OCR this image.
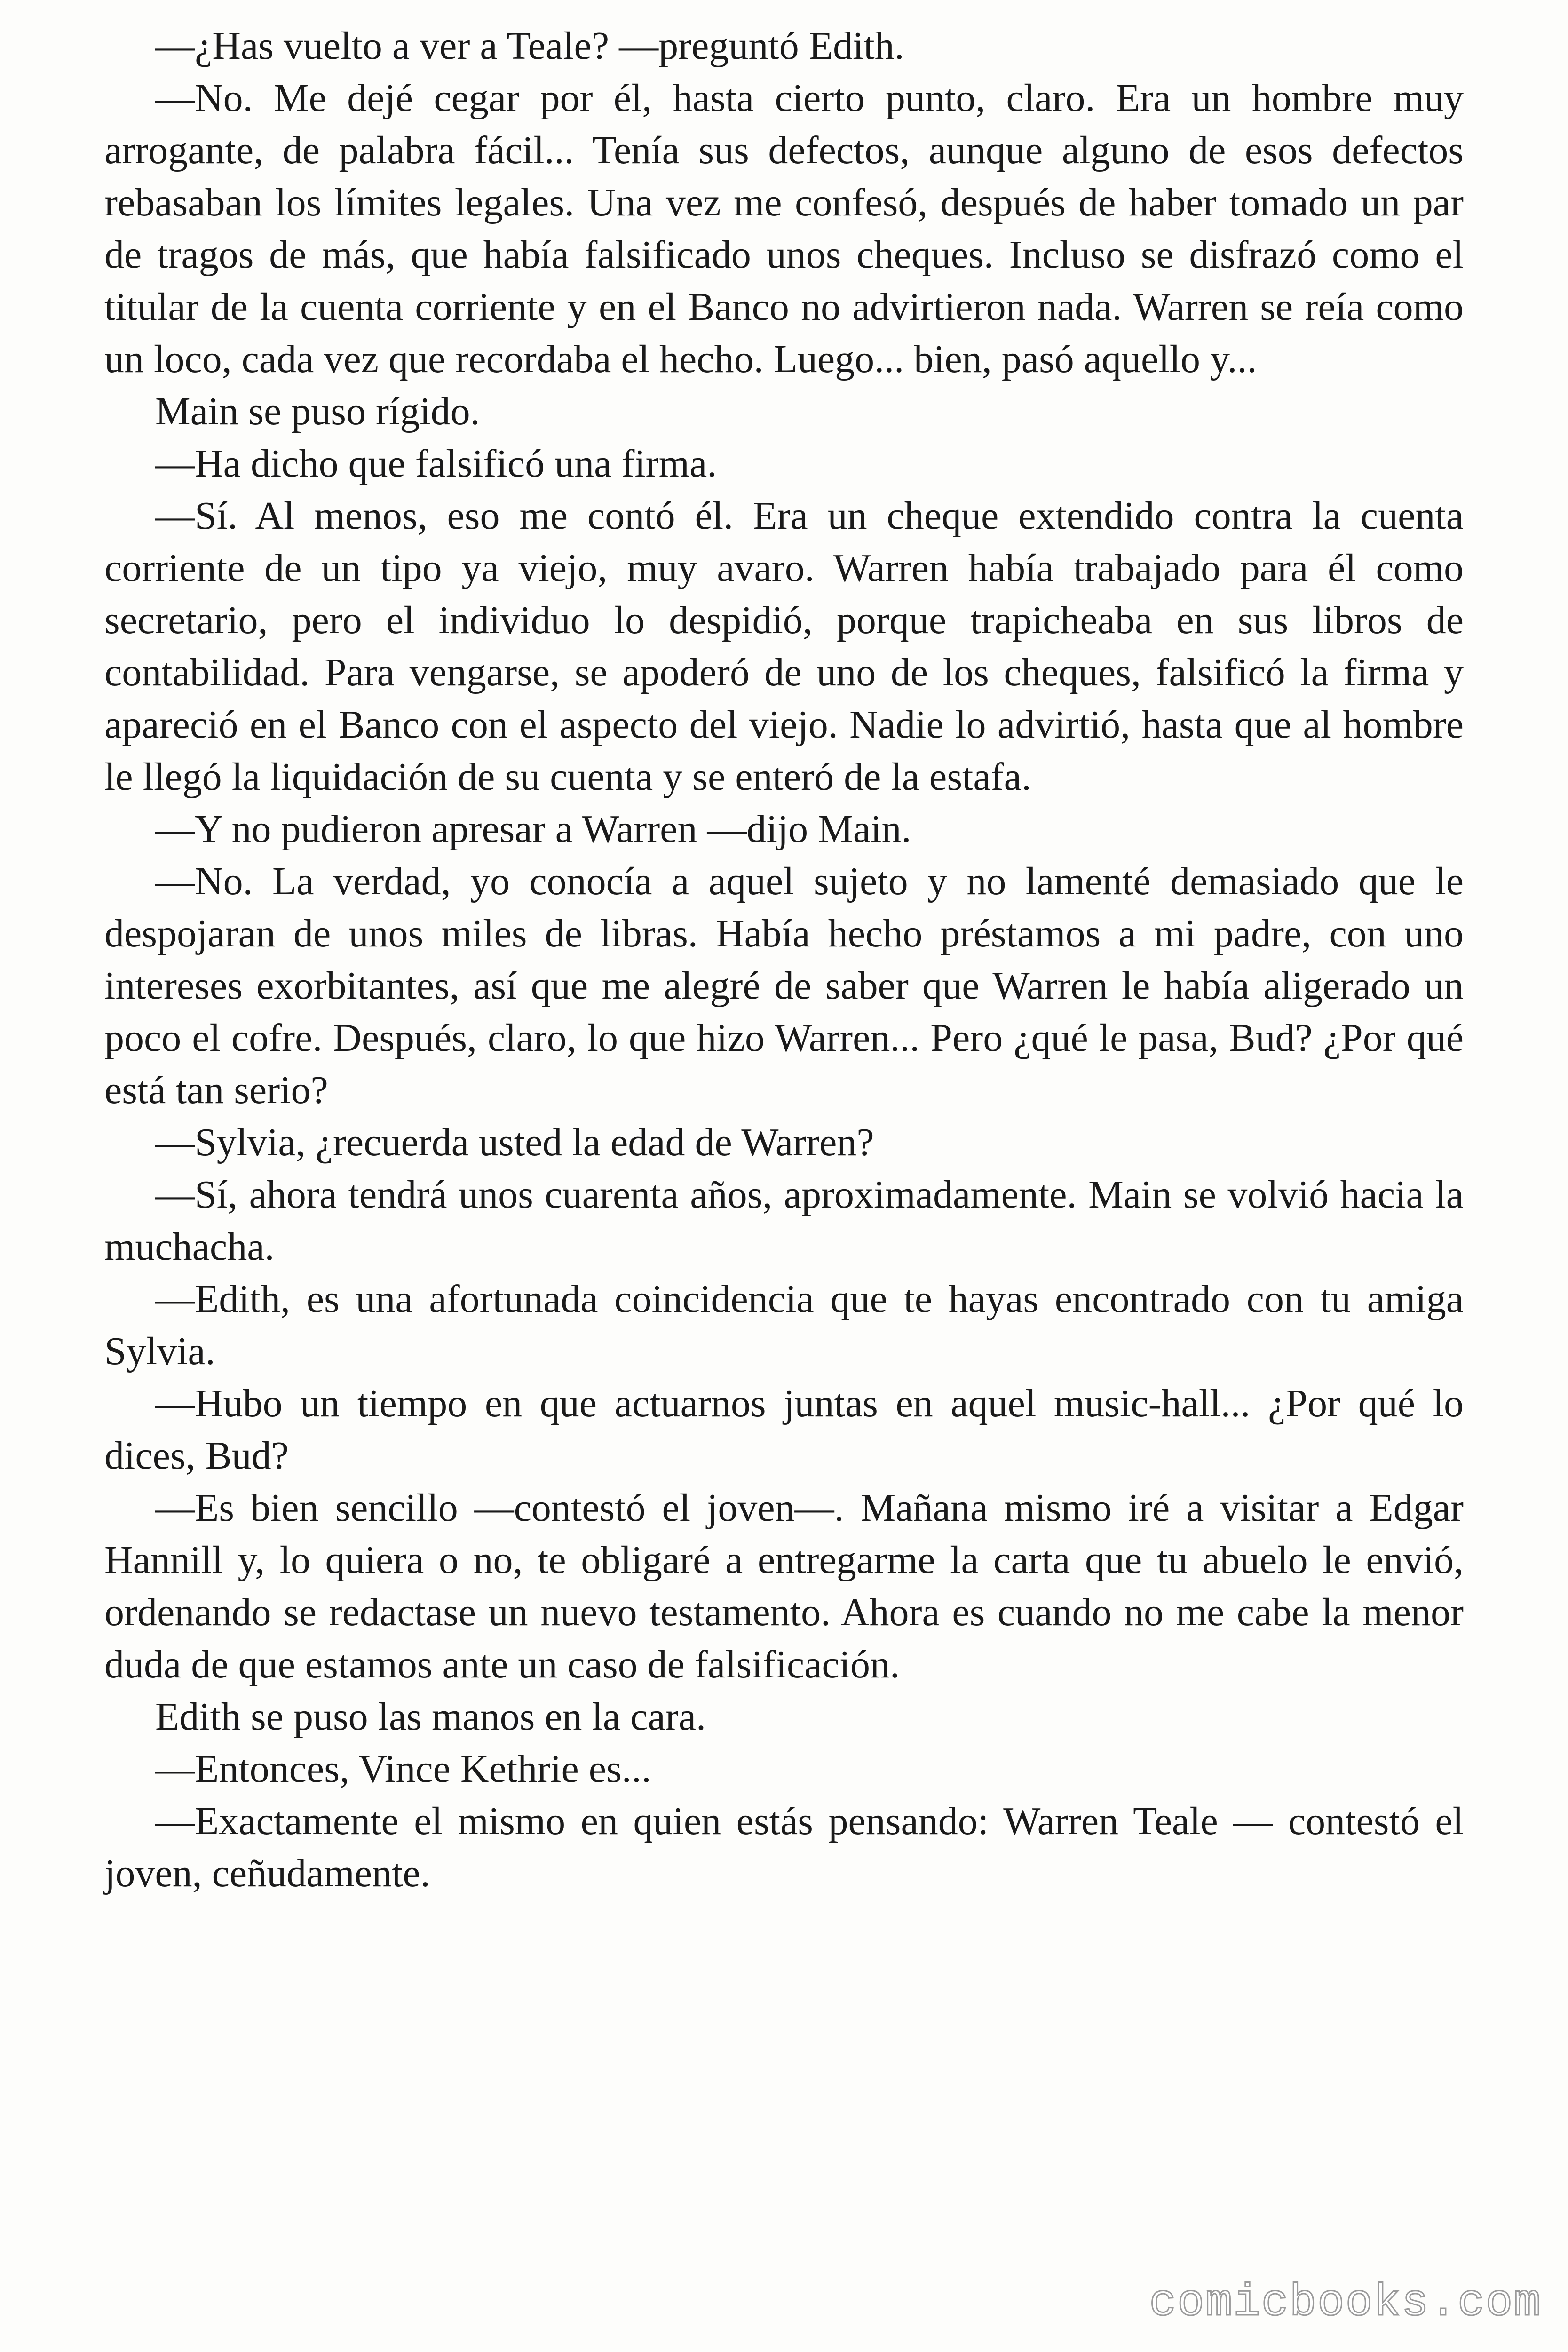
—¿Has vuelto a ver a Teale? —preguntó Edith.

—No. Me dejé cegar por él, hasta cierto punto, claro. Era un hombre muy arrogante, de palabra fácil... Tenía sus defectos, aunque alguno de esos defectos rebasaban los límites legales. Una vez me confesó, después de haber tomado un par de tragos de más, que había falsificado unos cheques. Incluso se disfrazó como el titular de la cuenta corriente y en el Banco no advirtieron nada. Warren se reía como un loco, cada vez que recordaba el hecho. Luego... bien, pasó aquello y...

Main se puso rígido.

—Ha dicho que falsificó una firma.

—Sí. Al menos, eso me contó él. Era un cheque extendido contra la cuenta corriente de un tipo ya viejo, muy avaro. Warren había trabajado para él como secretario, pero el individuo lo despidió, porque trapicheaba en sus libros de contabilidad. Para vengarse, se apoderó de uno de los cheques, falsificó la firma y apareció en el Banco con el aspecto del viejo. Nadie lo advirtió, hasta que al hombre le llegó la liquidación de su cuenta y se enteró de la estafa.

—Y no pudieron apresar a Warren —dijo Main.

—No. La verdad, yo conocía a aquel sujeto y no lamenté demasiado que le despojaran de unos miles de libras. Había hecho préstamos a mi padre, con uno intereses exorbitantes, así que me alegré de saber que Warren le había aligerado un poco el cofre. Después, claro, lo que hizo Warren... Pero ¿qué le pasa, Bud? ¿Por qué está tan serio?

—Sylvia, ¿recuerda usted la edad de Warren?

—Sí, ahora tendrá unos cuarenta años, aproximadamente. Main se volvió hacia la muchacha.

—Edith, es una afortunada coincidencia que te hayas encontrado con tu amiga Sylvia.

—Hubo un tiempo en que actuarnos juntas en aquel music-hall... ¿Por qué lo dices, Bud?

—Es bien sencillo —contestó el joven—. Mañana mismo iré a visitar a Edgar Hannill y, lo quiera o no, te obligaré a entregarme la carta que tu abuelo le envió, ordenando se redactase un nuevo testamento. Ahora es cuando no me cabe la menor duda de que estamos ante un caso de falsificación.

Edith se puso las manos en la cara.

—Entonces, Vince Kethrie es...

—Exactamente el mismo en quien estás pensando: Warren Teale — contestó el joven, ceñudamente.

comicbooks.com
